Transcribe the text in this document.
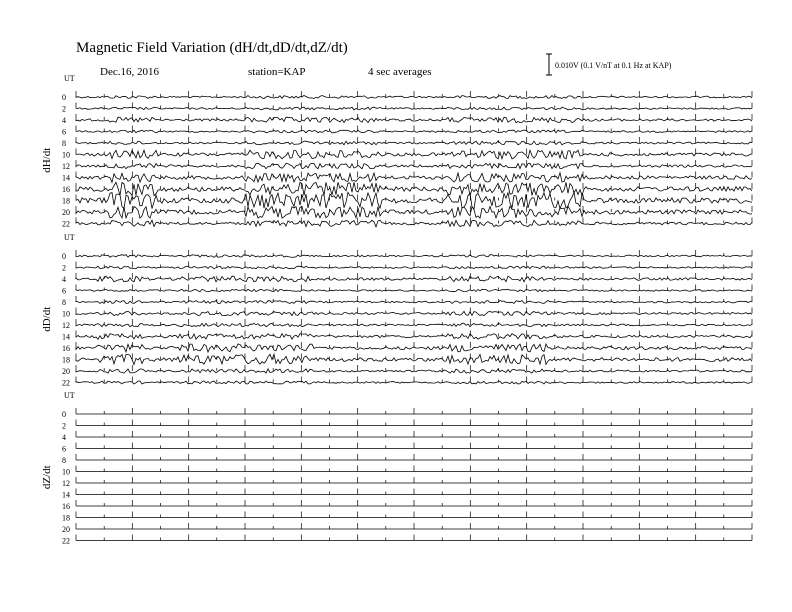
Magnetic Field Variation (dH/dt,dD/dt,dZ/dt)
Dec.16, 2016	station=KAP	4 sec averages
0.010V (0.1 V/nT at 0.1 Hz at KAP)
UT
dH/dt
0
2
4
6
8
10
12
14
16
18
20
22
UT
dD/dt
0
2
4
6
8
10
12
14
16
18
20
22
UT
dZ/dt
0
2
4
6
8
10
12
14
16
18
20
22
